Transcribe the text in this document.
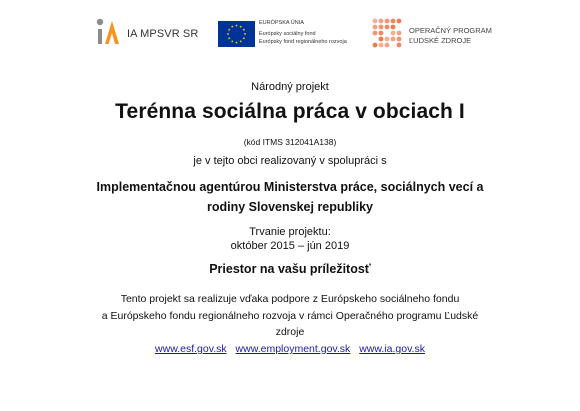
IA MPSVR SR
EURÓPSKA ÚNIA
Európsky sociálny fond
Európsky fond regionálneho rozvoja
OPERAČNÝ PROGRAM
ĽUDSKÉ ZDROJE
Národný projekt
Terénna sociálna práca v obciach I
(kód ITMS 312041A138)
je v tejto obci realizovaný v spolupráci s
Implementačnou agentúrou Ministerstva práce, sociálnych vecí a
rodiny Slovenskej republiky
Trvanie projektu:
október 2015 – jún 2019
Priestor na vašu príležitosť
Tento projekt sa realizuje vďaka podpore z Európskeho sociálneho fondu
a Európskeho fondu regionálneho rozvoja v rámci Operačného programu Ľudské
zdroje
www.esf.gov.sk www.employment.gov.sk www.ia.gov.sk
